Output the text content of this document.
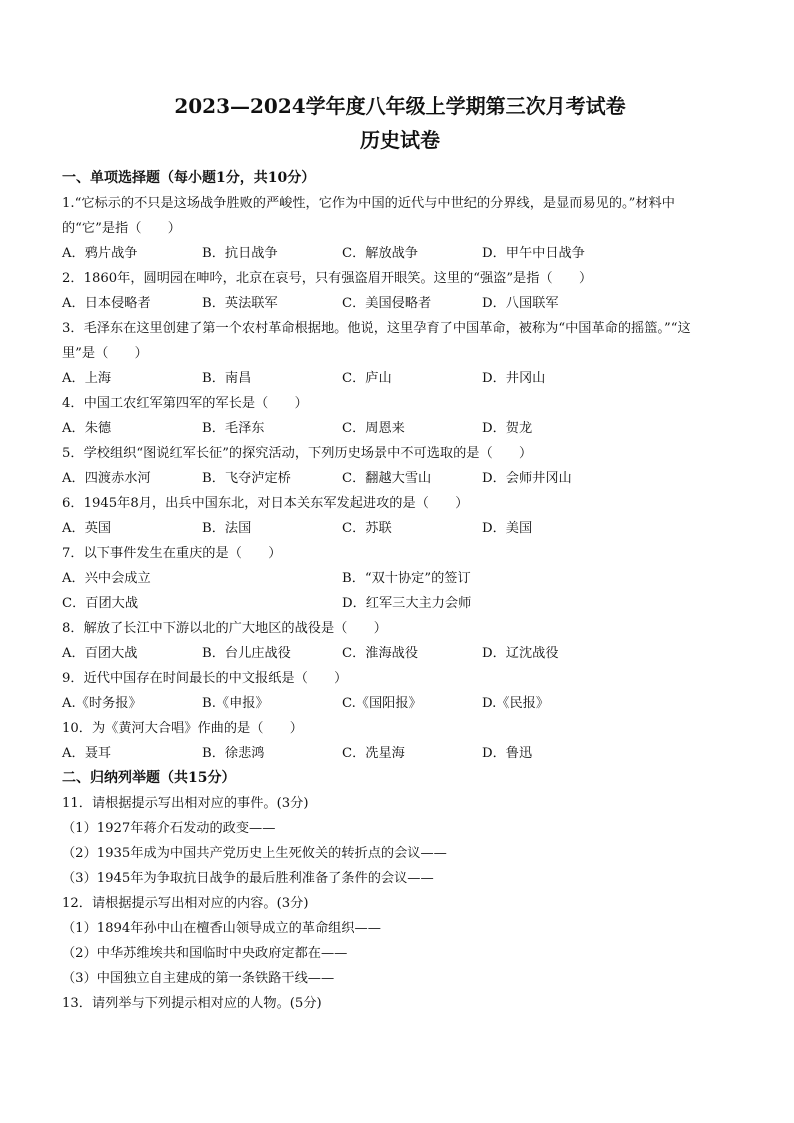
2023—2024学年度八年级上学期第三次月考试卷
历史试卷
一、单项选择题（每小题1分，共10分）
1.“它标示的不只是这场战争胜败的严峻性，它作为中国的近代与中世纪的分界线，是显而易见的。”材料中
的“它”是指（　　）
A．鸦片战争	B．抗日战争	C．解放战争	D．甲午中日战争
2．1860年，圆明园在呻吟，北京在哀号，只有强盗眉开眼笑。这里的“强盗”是指（　　）
A．日本侵略者	B．英法联军	C．美国侵略者	D．八国联军
3．毛泽东在这里创建了第一个农村革命根据地。他说，这里孕育了中国革命，被称为“中国革命的摇篮。”“这
里”是（　　）
A．上海	B．南昌	C．庐山	D．井冈山
4．中国工农红军第四军的军长是（　　）
A．朱德	B．毛泽东	C．周恩来	D．贺龙
5．学校组织“图说红军长征”的探究活动，下列历史场景中不可选取的是（　　）
A．四渡赤水河	B．飞夺泸定桥	C．翻越大雪山	D．会师井冈山
6．1945年8月，出兵中国东北，对日本关东军发起进攻的是（　　）
A．英国	B．法国	C．苏联	D．美国
7．以下事件发生在重庆的是（　　）
A．兴中会成立	B．“双十协定”的签订
C．百团大战	D．红军三大主力会师
8．解放了长江中下游以北的广大地区的战役是（　　）
A．百团大战	B．台儿庄战役	C．淮海战役	D．辽沈战役
9．近代中国存在时间最长的中文报纸是（　　）
A.《时务报》	B.《申报》	C.《国阳报》	D.《民报》
10．为《黄河大合唱》作曲的是（　　）
A．聂耳	B．徐悲鸿	C．冼星海	D．鲁迅
二、归纳列举题（共15分）
11．请根据提示写出相对应的事件。(3分)
（1）1927年蒋介石发动的政变——
（2）1935年成为中国共产党历史上生死攸关的转折点的会议——
（3）1945年为争取抗日战争的最后胜利准备了条件的会议——
12．请根据提示写出相对应的内容。(3分)
（1）1894年孙中山在檀香山领导成立的革命组织——
（2）中华苏维埃共和国临时中央政府定都在——
（3）中国独立自主建成的第一条铁路干线——
13．请列举与下列提示相对应的人物。(5分)
